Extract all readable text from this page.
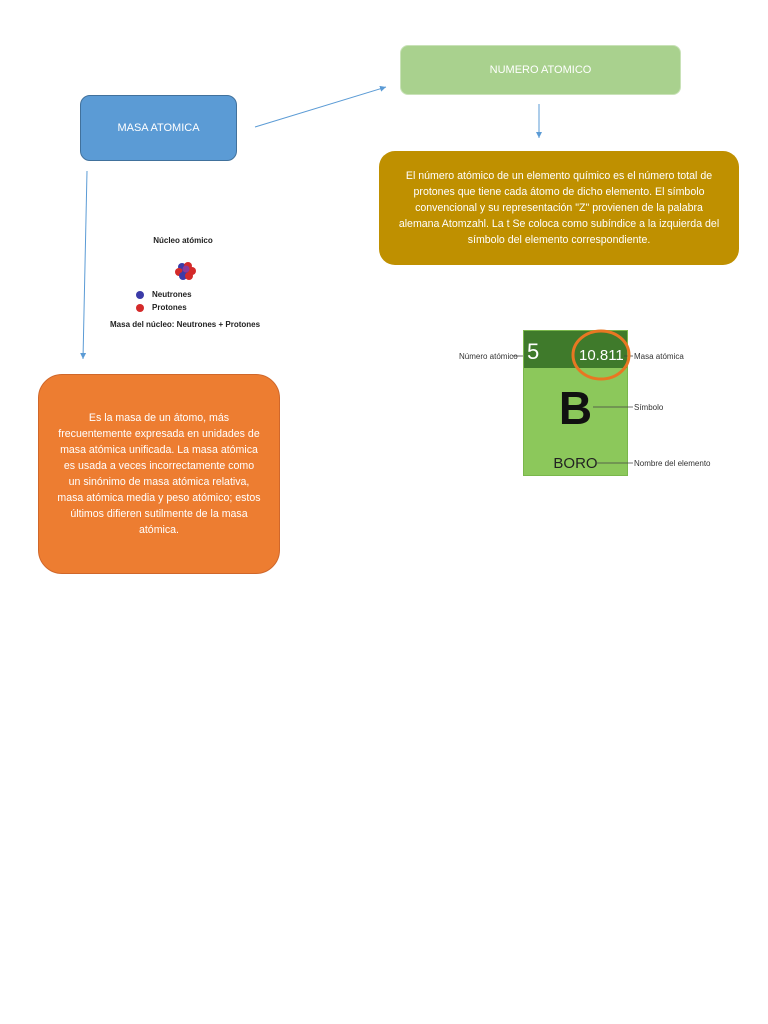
MASA ATOMICA
NUMERO ATOMICO
El número atómico de un elemento químico es el número total de protones que tiene cada átomo de dicho elemento. El símbolo convencional y su representación "Z" provienen de la palabra alemana Atomzahl. La t Se coloca como subíndice a la izquierda del símbolo del elemento correspondiente.
Es la masa de un átomo, más frecuentemente expresada en unidades de masa atómica unificada. La masa atómica es usada a veces incorrectamente como un sinónimo de masa atómica relativa, masa atómica media y peso atómico; estos últimos difieren sutilmente de la masa atómica.
Núcleo atómico
Neutrones
Protones
Masa del núcleo: Neutrones + Protones
5	10.811
B
BORO
Número atómico	Masa atómica
Símbolo
Nombre del elemento
